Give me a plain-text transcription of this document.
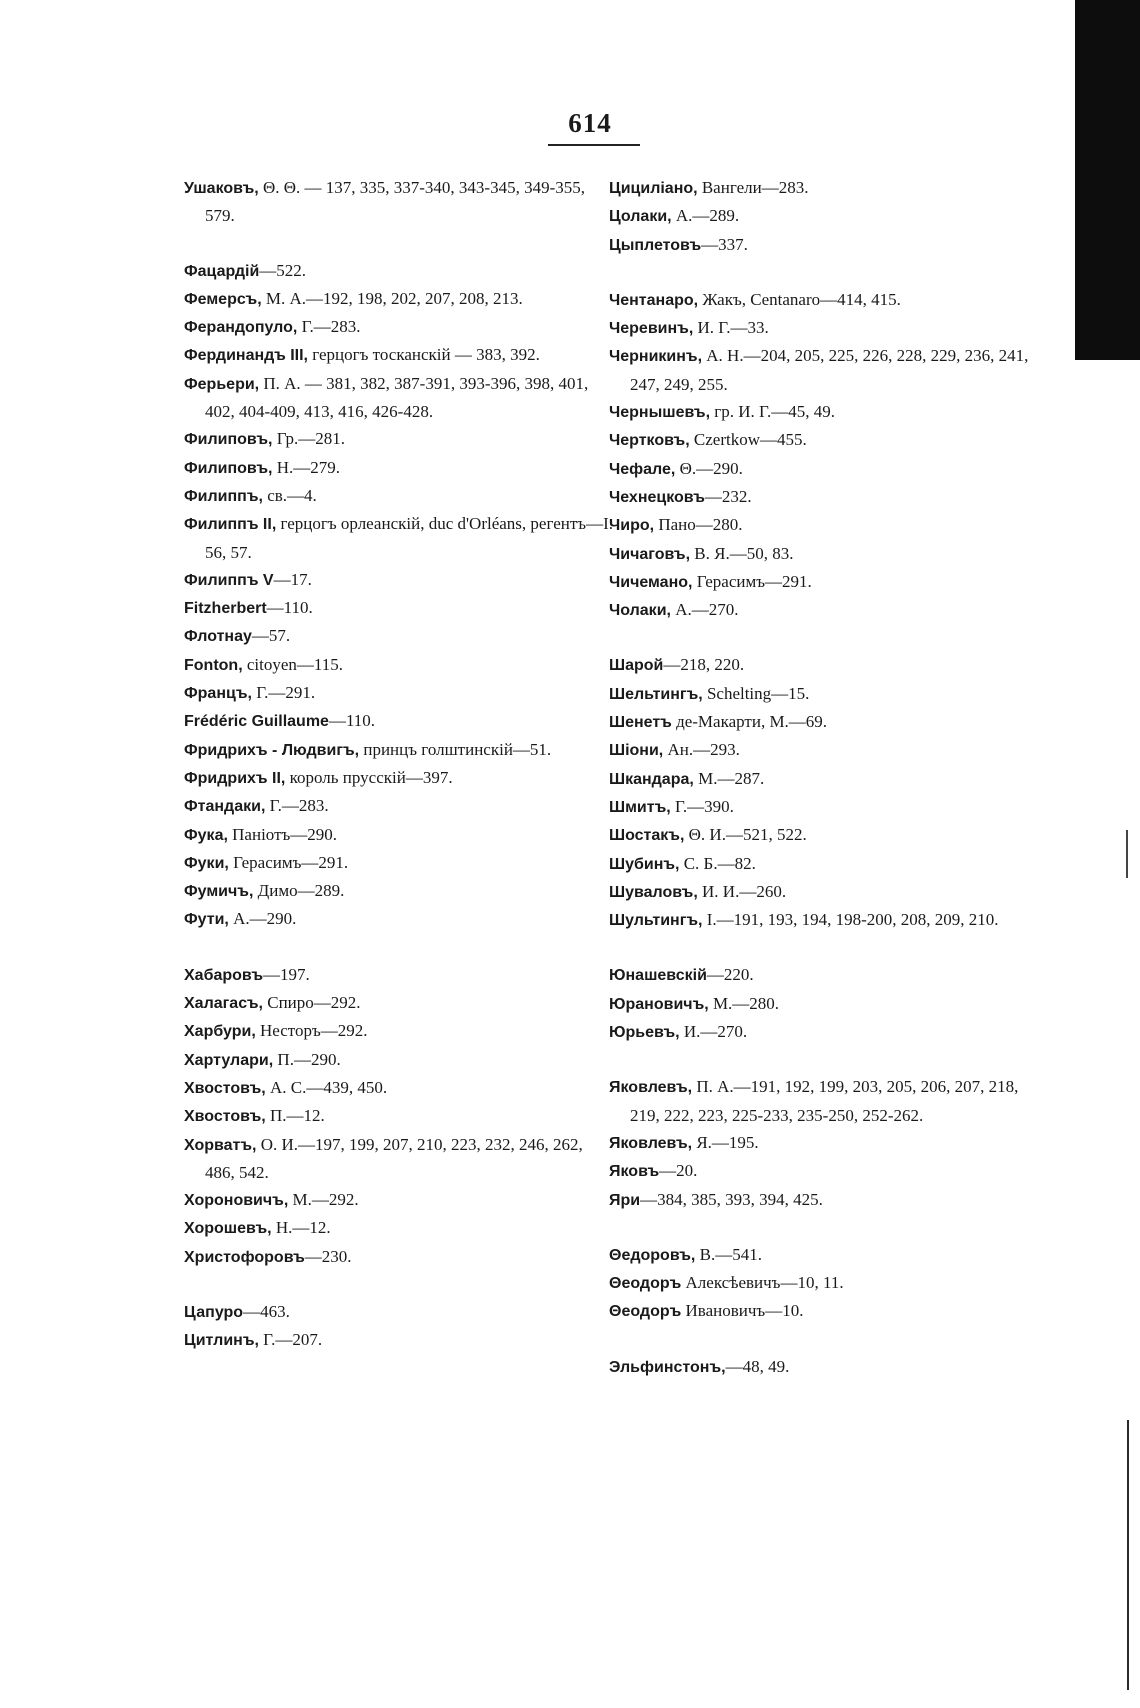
614
Ушаковъ, Θ. Θ. — 137, 335, 337-340, 343-345, 349-355, 579.
Фацардій—522.
Фемерсъ, М. А.—192, 198, 202, 207, 208, 213.
Ферандопуло, Г.—283.
Фердинандъ III, герцогъ тосканскій — 383, 392.
Ферьери, П. А. — 381, 382, 387-391, 393-396, 398, 401, 402, 404-409, 413, 416, 426-428.
Филиповъ, Гр.—281.
Филиповъ, Н.—279.
Филиппъ, св.—4.
Филиппъ II, герцогъ орлеанскій, duc d'Orléans, регентъ—I. 56, 57.
Филиппъ V—17.
Fitzherbert—110.
Флотнау—57.
Fonton, citoyen—115.
Францъ, Г.—291.
Frédéric Guillaume—110.
Фридрихъ - Людвигъ, принцъ голштинскій—51.
Фридрихъ II, король прусскій—397.
Фтандаки, Г.—283.
Фука, Паніотъ—290.
Фуки, Герасимъ—291.
Фумичъ, Димо—289.
Фути, А.—290.
Хабаровъ—197.
Халагасъ, Спиро—292.
Харбури, Несторъ—292.
Хартулари, П.—290.
Хвостовъ, А. С.—439, 450.
Хвостовъ, П.—12.
Хорватъ, О. И.—197, 199, 207, 210, 223, 232, 246, 262, 486, 542.
Хороновичъ, М.—292.
Хорошевъ, Н.—12.
Христофоровъ—230.
Цапуро—463.
Цитлинъ, Г.—207.
Цициліано, Вангели—283.
Цолаки, А.—289.
Цыплетовъ—337.
Чентанаро, Жакъ, Centanaro—414, 415.
Черевинъ, И. Г.—33.
Черникинъ, А. Н.—204, 205, 225, 226, 228, 229, 236, 241, 247, 249, 255.
Чернышевъ, гр. И. Г.—45, 49.
Чертковъ, Czertkow—455.
Чефале, Θ.—290.
Чехнецковъ—232.
Чиро, Пано—280.
Чичаговъ, В. Я.—50, 83.
Чичемано, Герасимъ—291.
Чолаки, А.—270.
Шарой—218, 220.
Шельтингъ, Schelting—15.
Шенетъ де-Макарти, М.—69.
Шіони, Ан.—293.
Шкандара, М.—287.
Шмитъ, Г.—390.
Шостакъ, Θ. И.—521, 522.
Шубинъ, С. Б.—82.
Шуваловъ, И. И.—260.
Шультингъ, I.—191, 193, 194, 198-200, 208, 209, 210.
Юнашевскій—220.
Юрановичъ, М.—280.
Юрьевъ, И.—270.
Яковлевъ, П. А.—191, 192, 199, 203, 205, 206, 207, 218, 219, 222, 223, 225-233, 235-250, 252-262.
Яковлевъ, Я.—195.
Яковъ—20.
Яри—384, 385, 393, 394, 425.
Θедоровъ, В.—541.
Θеодоръ Алексѣевичъ—10, 11.
Θеодоръ Ивановичъ—10.
Эльфинстонъ,—48, 49.
